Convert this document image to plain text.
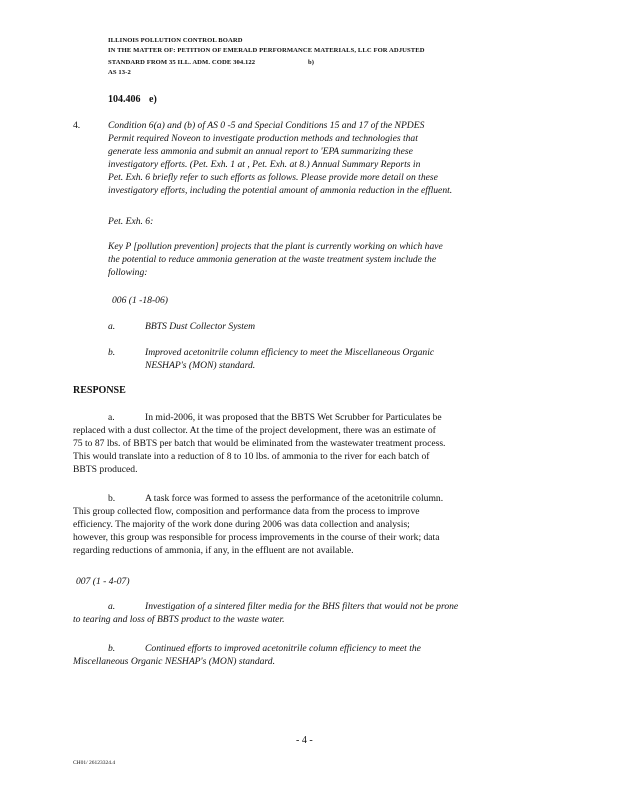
ILLINOIS POLLUTION CONTROL BOARD
IN THE MATTER OF: PETITION OF EMERALD PERFORMANCE MATERIALS, LLC FOR ADJUSTED
STANDARD FROM 35 ILL. ADM. CODE 304.122	b)
AS 13-2
104.406 e)
4.	Condition 6(a) and (b) of AS 0 -5 and Special Conditions 15 and 17 of the NPDES
Permit required Noveon to investigate production methods and technologies that
generate less ammonia and submit an annual report to 'EPA summarizing these
investigatory efforts. (Pet. Exh. 1 at , Pet. Exh. at 8.) Annual Summary Reports in
Pet. Exh. 6 briefly refer to such efforts as follows. Please provide more detail on these
investigatory efforts, including the potential amount of ammonia reduction in the effluent.
Pet. Exh. 6:
Key P [pollution prevention] projects that the plant is currently working on which have
the potential to reduce ammonia generation at the waste treatment system include the
following:
006 (1 -18-06)
a.	BBTS Dust Collector System
b.	Improved acetonitrile column efficiency to meet the Miscellaneous Organic
NESHAP's (MON) standard.
RESPONSE
a.	In mid-2006, it was proposed that the BBTS Wet Scrubber for Particulates be
replaced with a dust collector. At the time of the project development, there was an estimate of
75 to 87 lbs. of BBTS per batch that would be eliminated from the wastewater treatment process.
This would translate into a reduction of 8 to 10 lbs. of ammonia to the river for each batch of
BBTS produced.
b.	A task force was formed to assess the performance of the acetonitrile column.
This group collected flow, composition and performance data from the process to improve
efficiency. The majority of the work done during 2006 was data collection and analysis;
however, this group was responsible for process improvements in the course of their work; data
regarding reductions of ammonia, if any, in the effluent are not available.
007 (1 - 4-07)
a.	Investigation of a sintered filter media for the BHS filters that would not be prone
to tearing and loss of BBTS product to the waste water.
b.	Continued efforts to improved acetonitrile column efficiency to meet the
Miscellaneous Organic NESHAP's (MON) standard.
- 4 -
CH01/ 26123324.4
